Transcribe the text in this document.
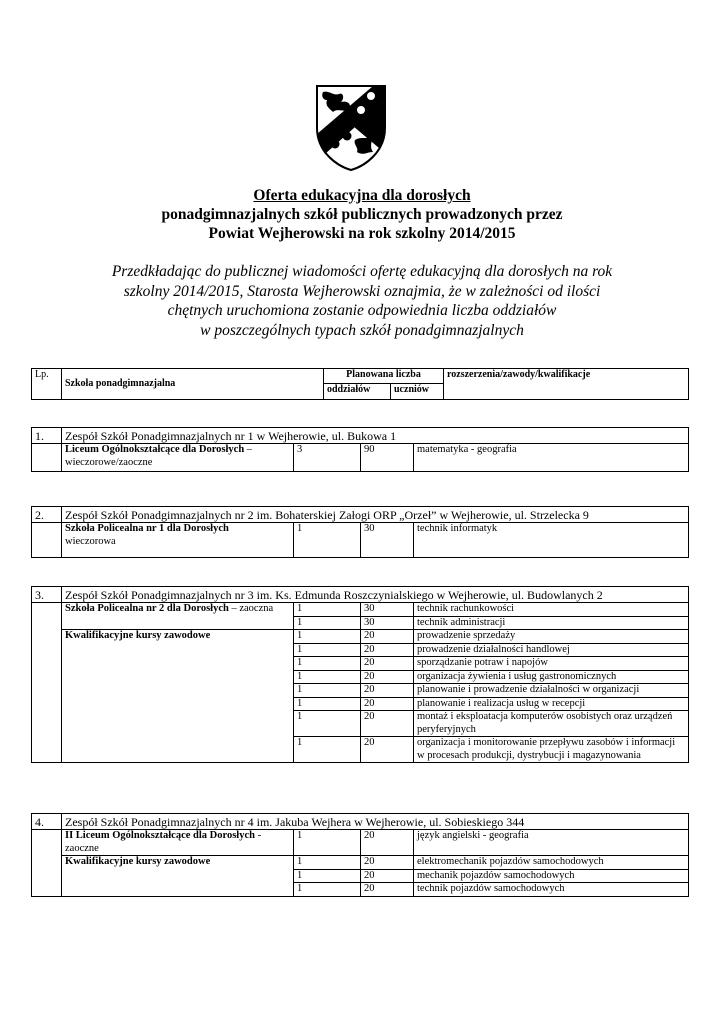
Oferta edukacyjna dla dorosłych
ponadgimnazjalnych szkół publicznych prowadzonych przez
Powiat Wejherowski na rok szkolny 2014/2015
Przedkładając do publicznej wiadomości ofertę edukacyjną dla dorosłych na rok
szkolny 2014/2015, Starosta Wejherowski oznajmia, że w zależności od ilości
chętnych uruchomiona zostanie odpowiednia liczba oddziałów
w poszczególnych typach szkół ponadgimnazjalnych
Lp.	Szkoła ponadgimnazjalna	Planowana liczba		rozszerzenia/zawody/kwalifikacje
		oddziałów	uczniów	
1.	Zespół Szkół Ponadgimnazjalnych nr 1 w Wejherowie, ul. Bukowa 1			
	Liceum Ogólnokształcące dla Dorosłych – wieczorowe/zaoczne	3	90	matematyka - geografia
2.	Zespół Szkół Ponadgimnazjalnych nr 2 im. Bohaterskiej Załogi ORP „Orzeł” w Wejherowie, ul. Strzelecka 9			
	Szkoła Policealna nr 1 dla Dorosłych
wieczorowa	1	30	technik informatyk
3.	Zespół Szkół Ponadgimnazjalnych nr 3 im. Ks. Edmunda Roszczynialskiego w Wejherowie, ul. Budowlanych 2			
	Szkoła Policealna nr 2 dla Dorosłych – zaoczna	1	30	technik rachunkowości
		1	30	technik administracji
	Kwalifikacyjne kursy zawodowe	1	20	prowadzenie sprzedaży
		1	20	prowadzenie działalności handlowej
		1	20	sporządzanie potraw i napojów
		1	20	organizacja żywienia i usług gastronomicznych
		1	20	planowanie i prowadzenie działalności w organizacji
		1	20	planowanie i realizacja usług w recepcji
		1	20	montaż i eksploatacja komputerów osobistych oraz urządzeń peryferyjnych
		1	20	organizacja i monitorowanie przepływu zasobów i informacji w procesach produkcji, dystrybucji i magazynowania
4.	Zespół Szkół Ponadgimnazjalnych nr 4 im. Jakuba Wejhera w Wejherowie, ul. Sobieskiego 344			
	II Liceum Ogólnokształcące dla Dorosłych - zaoczne	1	20	język angielski - geografia
	Kwalifikacyjne kursy zawodowe	1	20	elektromechanik pojazdów samochodowych
		1	20	mechanik pojazdów samochodowych
		1	20	technik pojazdów samochodowych
